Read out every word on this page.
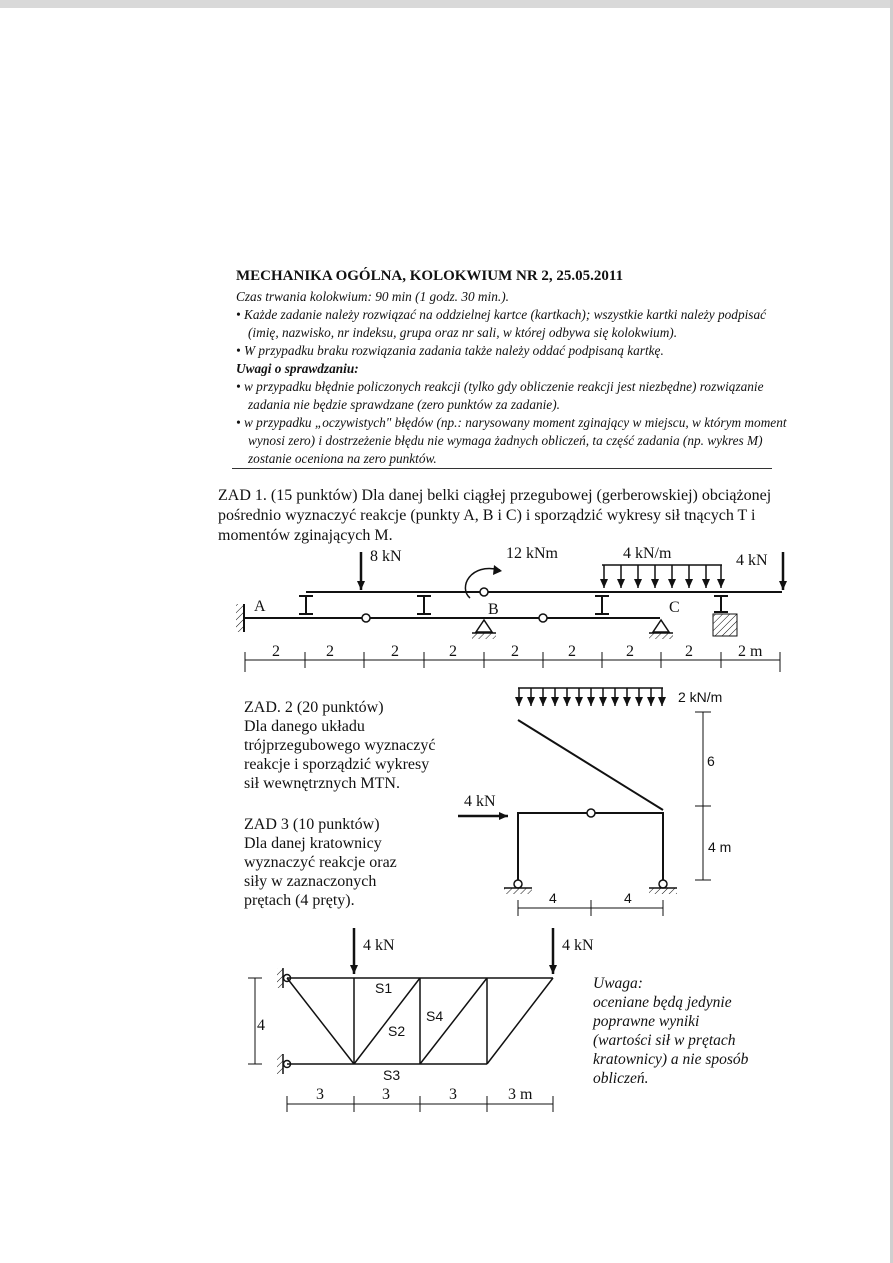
MECHANIKA OGÓLNA, KOLOKWIUM NR 2, 25.05.2011

Czas trwania kolokwium: 90 min (1 godz. 30 min.).

• Każde zadanie należy rozwiązać na oddzielnej kartce (kartkach); wszystkie kartki należy podpisać (imię, nazwisko, nr indeksu, grupa oraz nr sali, w której odbywa się kolokwium).

• W przypadku braku rozwiązania zadania także należy oddać podpisaną kartkę.

Uwagi o sprawdzaniu:

• w przypadku błędnie policzonych reakcji (tylko gdy obliczenie reakcji jest niezbędne) rozwiązanie zadania nie będzie sprawdzane (zero punktów za zadanie).

• w przypadku „oczywistych" błędów (np.: narysowany moment zginający w miejscu, w którym moment wynosi zero) i dostrzeżenie błędu nie wymaga żadnych obliczeń, ta część zadania (np. wykres M) zostanie oceniona na zero punktów.

ZAD 1. (15 punktów) Dla danej belki ciągłej przegubowej (gerberowskiej) obciążonej pośrednio wyznaczyć reakcje (punkty A, B i C) i sporządzić wykresy sił tnących T i momentów zginających M.

ZAD. 2 (20 punktów)

Dla danego układu

trójprzegubowego wyznaczyć

reakcje i sporządzić wykresy

sił wewnętrznych MTN.

ZAD 3 (10 punktów)

Dla danej kratownicy

wyznaczyć reakcje oraz

siły w zaznaczonych

prętach (4 pręty).

Uwaga:

oceniane będą jedynie

poprawne wyniki

(wartości sił w prętach

kratownicy) a nie sposób

obliczeń.

8 kN	12 kNm	4 kN/m	4 kN
A	B	C
2	2	2	2	2	2	2	2	2 m
2 kN/m
4 kN
6
4 m
4	4
4 kN	4 kN
S1
S2
S3
S4
4
3	3	3	3 m
